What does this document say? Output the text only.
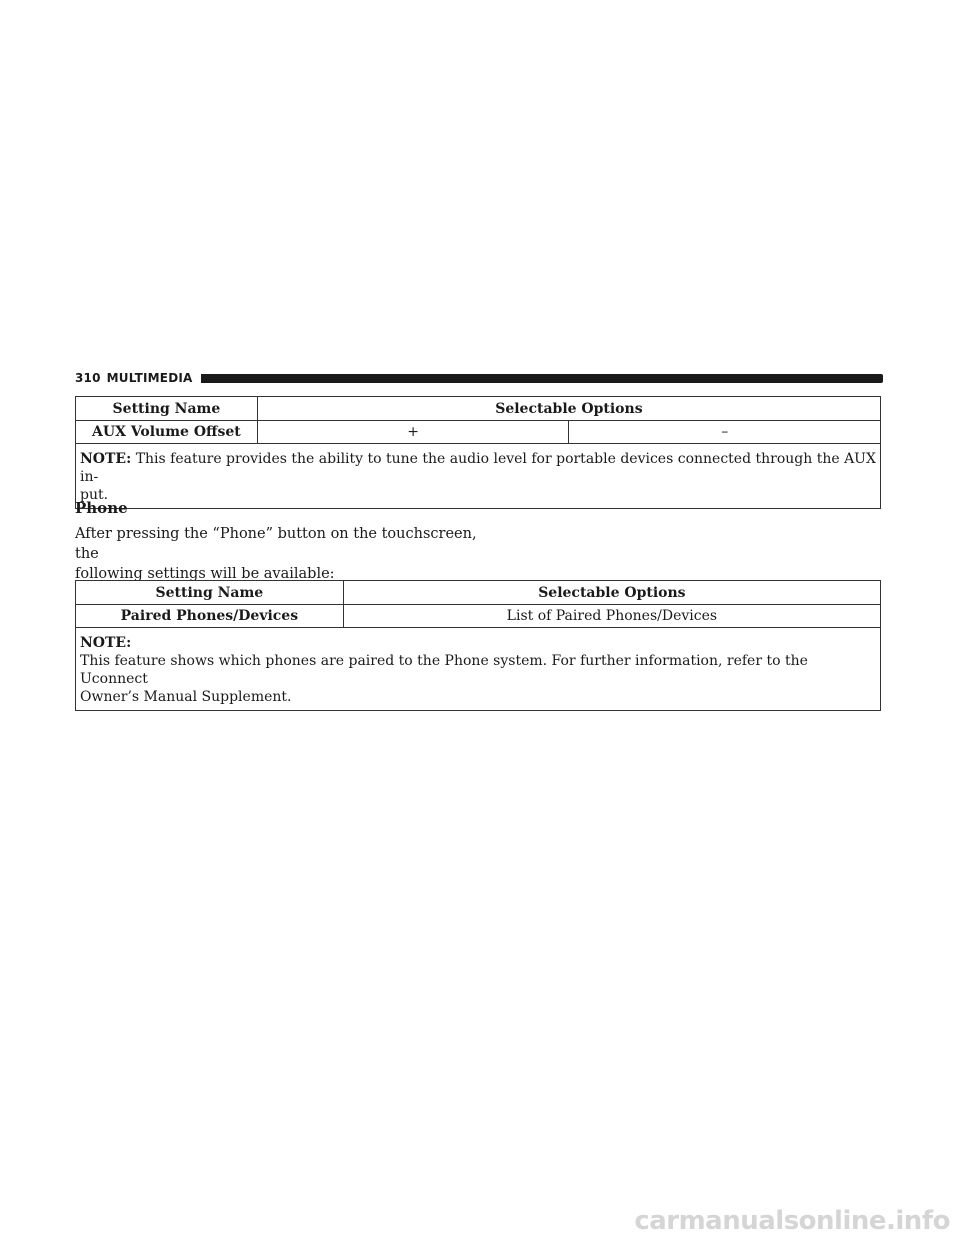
310 MULTIMEDIA
Setting Name	Selectable Options	
AUX Volume Offset	+	–
NOTE: This feature provides the ability to tune the audio level for portable devices connected through the AUX in-
put.		
Phone

After pressing the “Phone” button on the touchscreen, the

following settings will be available:

Setting Name	Selectable Options
Paired Phones/Devices	List of Paired Phones/Devices
NOTE:
This feature shows which phones are paired to the Phone system. For further information, refer to the Uconnect
Owner’s Manual Supplement.	
carmanualsonline.info
